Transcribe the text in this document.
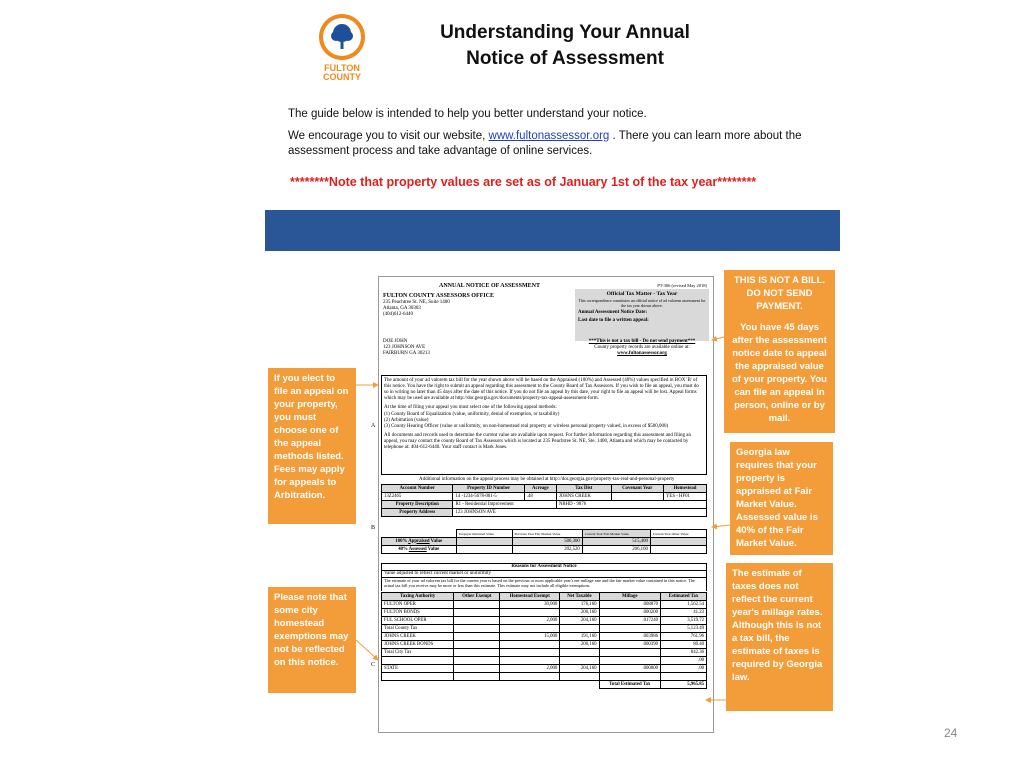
FULTON
COUNTY
Understanding Your Annual
Notice of Assessment

The guide below is intended to help you better understand your notice.

We encourage you to visit our website, www.fultonassessor.org . There you can learn more about the assessment process and take advantage of online services.

********Note that property values are set as of January 1st of the tax year********
ANNUAL NOTICE OF ASSESSMENT	PT-306 (revised May 2018)
FULTON COUNTY ASSESSORS OFFICE
235 Peachtree St. NE, Suite 1400
Atlanta, GA 30303
(404)612-6440
Official Tax Matter - Tax Year
This correspondence constitutes an official notice of ad valorem assessment for the tax year shown above.
Annual Assessment Notice Date:
Last date to file a written appeal:
DOE JOHN
123 JOHNSON AVE
FAIRBURN GA 30213
***This is not a tax bill - Do not send payment***
County property records are available online at:
www.fultonassessor.org

The amount of your ad valorem tax bill for the year shown above will be based on the Appraised (100%) and Assessed (40%) values specified in BOX 'B' of this notice. You have the right to submit an appeal regarding this assessment to the County Board of Tax Assessors. If you wish to file an appeal, you must do so in writing no later than 45 days after the date of this notice. If you do not file an appeal by this date, your right to file an appeal will be lost. Appeal forms which may be used are available at http://dor.georgia.gov/documents/property-tax-appeal-assessment-form.

At the time of filing your appeal you must select one of the following appeal methods:

(1) County Board of Equalization (value, uniformity, denial of exemption, or taxability)
(2) Arbitration (value)

(3) County Hearing Officer (value or uniformity, on non-homestead real property or wireless personal property valued, in excess of $500,000)

All documents and records used to determine the current value are available upon request. For further information regarding this assessment and filing an appeal, you may contact the county Board of Tax Assessors which is located at 235 Peachtree St. NE, Ste. 1400, Atlanta and which may be contacted by telephone at: 404-612-6440. Your staff contact is Mark Jones.

Additional information on the appeal process may be obtained at http://dor.georgia.gov/property-tax-real-and-personal-property
Account Number	Property ID Number	Acreage	Tax Dist	Covenant Year	Homestead
13Z2465	14 -1234-5678-001-5	.48	JOHNS CREEK		YES - HF01
Property Description	R1 - Residential Improvement		NBHD - 9876		
Property Address	123 JOHNSON AVE				
B
A
	Taxpayer Returned Value	Previous Year Fair Market Value	Current Year Fair Market Value	Current Year Other Value
100% Appraised Value		506,300	515,400	
40% Assessed Value		202,520	206,160	
Reasons for Assessment Notice
Value adjusted to reflect current market or uniformity
The estimate of your ad valorem tax bill for the current year is based on the previous or most applicable year's net millage rate and the fair market value contained in this notice. The actual tax bill you receive may be more or less than this estimate. This estimate may not include all eligible exemptions.
Taxing Authority	Other Exempt	Homestead Exempt	Net Taxable	Millage	Estimated Tax
FULTON OPER		30,000	176,160	.008870	1,562.54
FULTON BONDS			206,160	.000200	41.23
FUL SCHOOL OPER		2,000	204,160	.017240	3,519.72
Total County Tax					5,123.49
JOHNS CREEK		15,000	191,160	.003986	761.96
JOHNS CREEK BONDS			206,160	.000390	80.40
Total City Tax					842.36
					.00
STATE		2,000	204,160	.000000	.00

				Total Estimated Tax	5,965.85
C
If you elect to file an appeal on your property, you must choose one of the appeal methods listed. Fees may apply for appeals to Arbitration.
Please note that some city homestead exemptions may not be reflected on this notice.
THIS IS NOT A BILL. DO NOT SEND PAYMENT.
You have 45 days after the assessment notice date to appeal the appraised value of your property. You can file an appeal in person, online or by mail.
Georgia law requires that your property is appraised at Fair Market Value. Assessed value is 40% of the Fair Market Value.
The estimate of taxes does not reflect the current year's millage rates. Although this is not a tax bill, the estimate of taxes is required by Georgia law.
24
